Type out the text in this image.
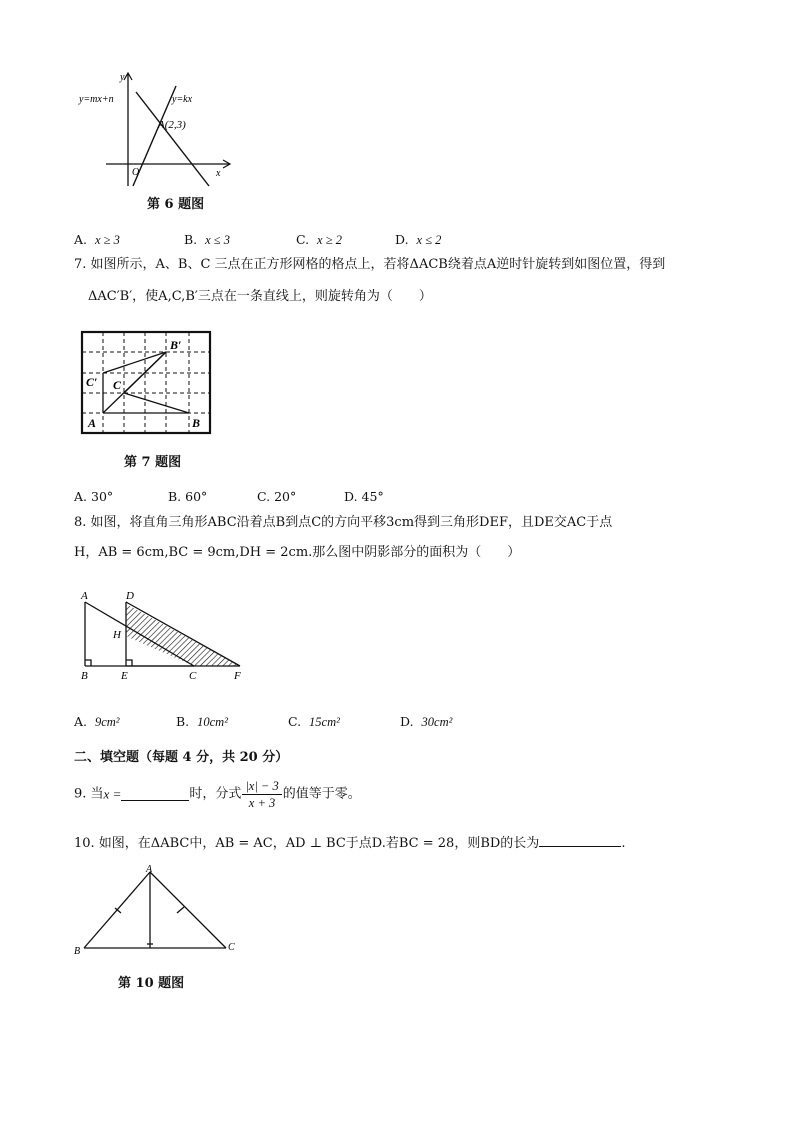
y=mx+n	y=kx
A(2,3)
O	x
y
第 6 题图
A. x ≥ 3	B. x ≤ 3	C. x ≥ 2	D. x ≤ 2
7. 如图所示，A、B、C 三点在正方形网格的格点上，若将ΔACB绕着点A逆时针旋转到如图位置，得到
ΔAC′B′，使A,C,B′三点在一条直线上，则旋转角为（　　）
A	B
C
C′
B′
第 7 题图
A. 30°	B. 60°	C. 20°	D. 45°
8. 如图，将直角三角形ABC沿着点B到点C的方向平移3cm得到三角形DEF，且DE交AC于点
H，AB = 6cm,BC = 9cm,DH = 2cm.那么图中阴影部分的面积为（　　）
A	D
H
B	E	C	F
A. 9cm²	B. 10cm²	C. 15cm²	D. 30cm²
二、填空题（每题 4 分，共 20 分）
9. 当x =	时，分式 $\frac{|x| - 3}{x + 3}$ 的值等于零。
10. 如图，在ΔABC中，AB = AC，AD ⊥ BC于点D.若BC = 28，则BD的长为	.
A
B	C
第 10 题图
